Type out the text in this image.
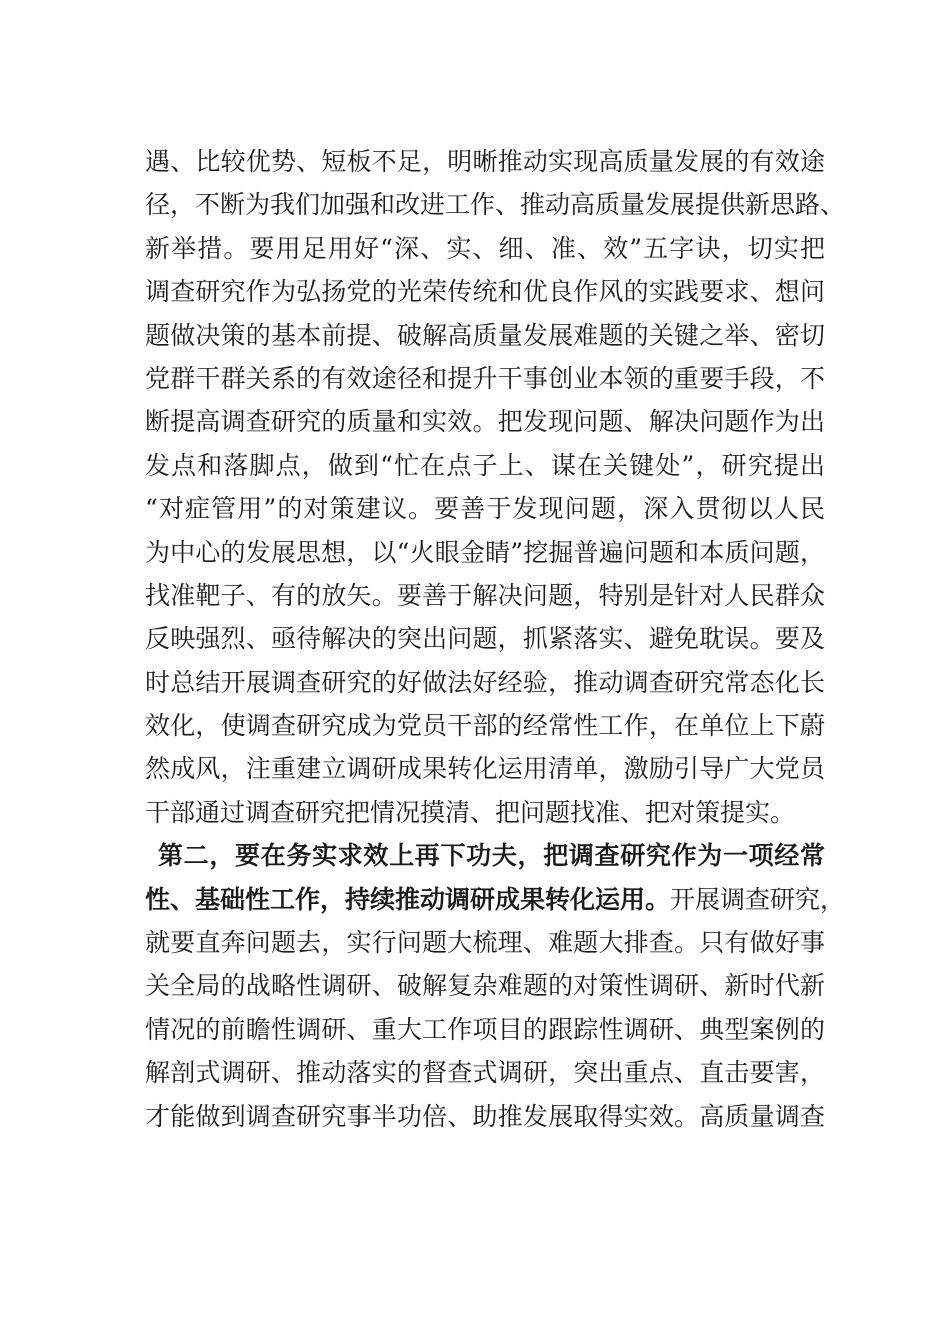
遇、比较优势、短板不足，明晰推动实现高质量发展的有效途
径，不断为我们加强和改进工作、推动高质量发展提供新思路、
新举措。要用足用好“深、实、细、准、效”五字诀，切实把
调查研究作为弘扬党的光荣传统和优良作风的实践要求、想问
题做决策的基本前提、破解高质量发展难题的关键之举、密切
党群干群关系的有效途径和提升干事创业本领的重要手段，不
断提高调查研究的质量和实效。把发现问题、解决问题作为出
发点和落脚点，做到“忙在点子上、谋在关键处”，研究提出
“对症管用”的对策建议。要善于发现问题，深入贯彻以人民
为中心的发展思想，以“火眼金睛”挖掘普遍问题和本质问题，
找准靶子、有的放矢。要善于解决问题，特别是针对人民群众
反映强烈、亟待解决的突出问题，抓紧落实、避免耽误。要及
时总结开展调查研究的好做法好经验，推动调查研究常态化长
效化，使调查研究成为党员干部的经常性工作，在单位上下蔚
然成风，注重建立调研成果转化运用清单，激励引导广大党员
干部通过调查研究把情况摸清、把问题找准、把对策提实。
第二，要在务实求效上再下功夫，把调查研究作为一项经常
性、基础性工作，持续推动调研成果转化运用。开展调查研究，
就要直奔问题去，实行问题大梳理、难题大排查。只有做好事
关全局的战略性调研、破解复杂难题的对策性调研、新时代新
情况的前瞻性调研、重大工作项目的跟踪性调研、典型案例的
解剖式调研、推动落实的督查式调研，突出重点、直击要害，
才能做到调查研究事半功倍、助推发展取得实效。高质量调查
